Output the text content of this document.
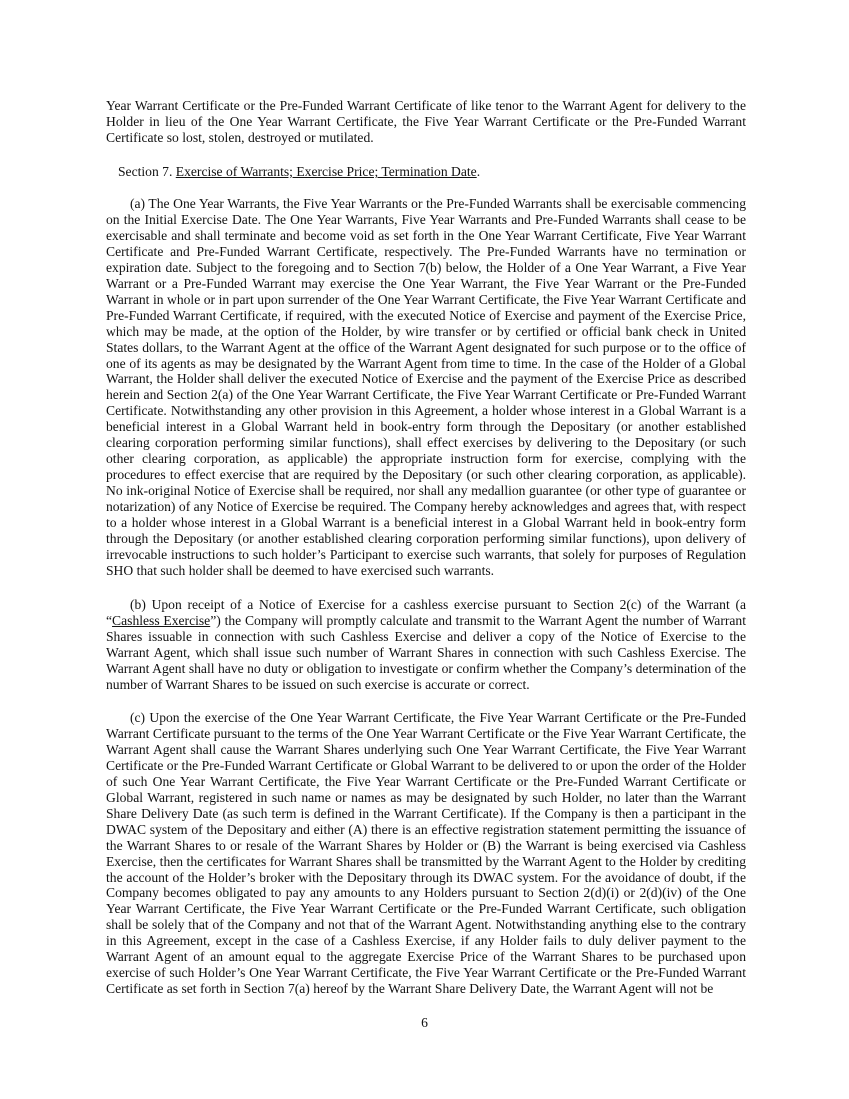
Year Warrant Certificate or the Pre-Funded Warrant Certificate of like tenor to the Warrant Agent for delivery to the Holder in lieu of the One Year Warrant Certificate, the Five Year Warrant Certificate or the Pre-Funded Warrant Certificate so lost, stolen, destroyed or mutilated.

Section 7. Exercise of Warrants; Exercise Price; Termination Date.

(a) The One Year Warrants, the Five Year Warrants or the Pre-Funded Warrants shall be exercisable commencing on the Initial Exercise Date. The One Year Warrants, Five Year Warrants and Pre-Funded Warrants shall cease to be exercisable and shall terminate and become void as set forth in the One Year Warrant Certificate, Five Year Warrant Certificate and Pre-Funded Warrant Certificate, respectively. The Pre-Funded Warrants have no termination or expiration date. Subject to the foregoing and to Section 7(b) below, the Holder of a One Year Warrant, a Five Year Warrant or a Pre-Funded Warrant may exercise the One Year Warrant, the Five Year Warrant or the Pre-Funded Warrant in whole or in part upon surrender of the One Year Warrant Certificate, the Five Year Warrant Certificate and Pre-Funded Warrant Certificate, if required, with the executed Notice of Exercise and payment of the Exercise Price, which may be made, at the option of the Holder, by wire transfer or by certified or official bank check in United States dollars, to the Warrant Agent at the office of the Warrant Agent designated for such purpose or to the office of one of its agents as may be designated by the Warrant Agent from time to time. In the case of the Holder of a Global Warrant, the Holder shall deliver the executed Notice of Exercise and the payment of the Exercise Price as described herein and Section 2(a) of the One Year Warrant Certificate, the Five Year Warrant Certificate or Pre-Funded Warrant Certificate. Notwithstanding any other provision in this Agreement, a holder whose interest in a Global Warrant is a beneficial interest in a Global Warrant held in book-entry form through the Depositary (or another established clearing corporation performing similar functions), shall effect exercises by delivering to the Depositary (or such other clearing corporation, as applicable) the appropriate instruction form for exercise, complying with the procedures to effect exercise that are required by the Depositary (or such other clearing corporation, as applicable). No ink-original Notice of Exercise shall be required, nor shall any medallion guarantee (or other type of guarantee or notarization) of any Notice of Exercise be required. The Company hereby acknowledges and agrees that, with respect to a holder whose interest in a Global Warrant is a beneficial interest in a Global Warrant held in book-entry form through the Depositary (or another established clearing corporation performing similar functions), upon delivery of irrevocable instructions to such holder’s Participant to exercise such warrants, that solely for purposes of Regulation SHO that such holder shall be deemed to have exercised such warrants.

(b) Upon receipt of a Notice of Exercise for a cashless exercise pursuant to Section 2(c) of the Warrant (a “Cashless Exercise”) the Company will promptly calculate and transmit to the Warrant Agent the number of Warrant Shares issuable in connection with such Cashless Exercise and deliver a copy of the Notice of Exercise to the Warrant Agent, which shall issue such number of Warrant Shares in connection with such Cashless Exercise. The Warrant Agent shall have no duty or obligation to investigate or confirm whether the Company’s determination of the number of Warrant Shares to be issued on such exercise is accurate or correct.

(c) Upon the exercise of the One Year Warrant Certificate, the Five Year Warrant Certificate or the Pre-Funded Warrant Certificate pursuant to the terms of the One Year Warrant Certificate or the Five Year Warrant Certificate, the Warrant Agent shall cause the Warrant Shares underlying such One Year Warrant Certificate, the Five Year Warrant Certificate or the Pre-Funded Warrant Certificate or Global Warrant to be delivered to or upon the order of the Holder of such One Year Warrant Certificate, the Five Year Warrant Certificate or the Pre-Funded Warrant Certificate or Global Warrant, registered in such name or names as may be designated by such Holder, no later than the Warrant Share Delivery Date (as such term is defined in the Warrant Certificate). If the Company is then a participant in the DWAC system of the Depositary and either (A) there is an effective registration statement permitting the issuance of the Warrant Shares to or resale of the Warrant Shares by Holder or (B) the Warrant is being exercised via Cashless Exercise, then the certificates for Warrant Shares shall be transmitted by the Warrant Agent to the Holder by crediting the account of the Holder’s broker with the Depositary through its DWAC system. For the avoidance of doubt, if the Company becomes obligated to pay any amounts to any Holders pursuant to Section 2(d)(i) or 2(d)(iv) of the One Year Warrant Certificate, the Five Year Warrant Certificate or the Pre-Funded Warrant Certificate, such obligation shall be solely that of the Company and not that of the Warrant Agent. Notwithstanding anything else to the contrary in this Agreement, except in the case of a Cashless Exercise, if any Holder fails to duly deliver payment to the Warrant Agent of an amount equal to the aggregate Exercise Price of the Warrant Shares to be purchased upon exercise of such Holder’s One Year Warrant Certificate, the Five Year Warrant Certificate or the Pre-Funded Warrant Certificate as set forth in Section 7(a) hereof by the Warrant Share Delivery Date, the Warrant Agent will not be

6
